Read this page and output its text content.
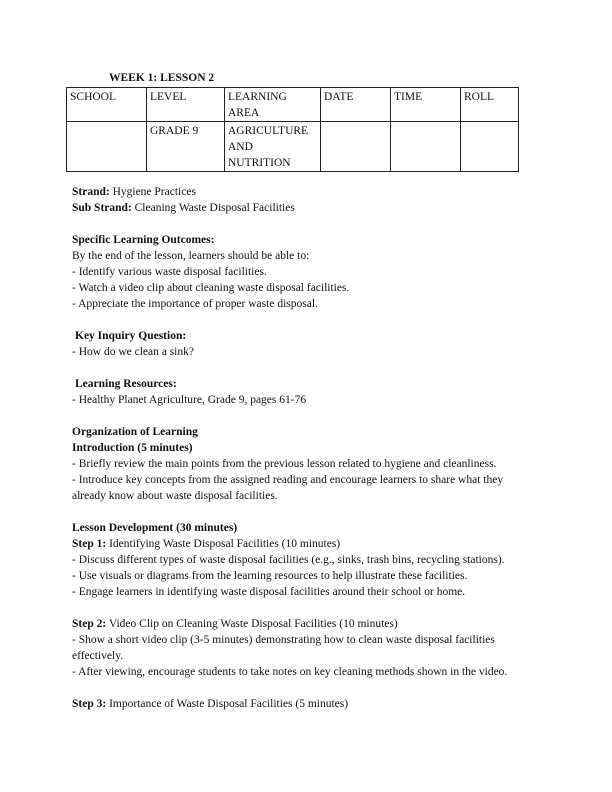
WEEK 1: LESSON 2
SCHOOL	LEVEL	LEARNING AREA	DATE	TIME	ROLL
	GRADE 9	AGRICULTURE AND NUTRITION			
Strand: Hygiene Practices
Sub Strand: Cleaning Waste Disposal Facilities
Specific Learning Outcomes:
By the end of the lesson, learners should be able to:
- Identify various waste disposal facilities.
- Watch a video clip about cleaning waste disposal facilities.
- Appreciate the importance of proper waste disposal.
Key Inquiry Question:
- How do we clean a sink?
Learning Resources:
- Healthy Planet Agriculture, Grade 9, pages 61-76
Organization of Learning
Introduction (5 minutes)
- Briefly review the main points from the previous lesson related to hygiene and cleanliness.
- Introduce key concepts from the assigned reading and encourage learners to share what they
already know about waste disposal facilities.
Lesson Development (30 minutes)
Step 1: Identifying Waste Disposal Facilities (10 minutes)
- Discuss different types of waste disposal facilities (e.g., sinks, trash bins, recycling stations).
- Use visuals or diagrams from the learning resources to help illustrate these facilities.
- Engage learners in identifying waste disposal facilities around their school or home.
Step 2: Video Clip on Cleaning Waste Disposal Facilities (10 minutes)
- Show a short video clip (3-5 minutes) demonstrating how to clean waste disposal facilities
effectively.
- After viewing, encourage students to take notes on key cleaning methods shown in the video.
Step 3: Importance of Waste Disposal Facilities (5 minutes)
